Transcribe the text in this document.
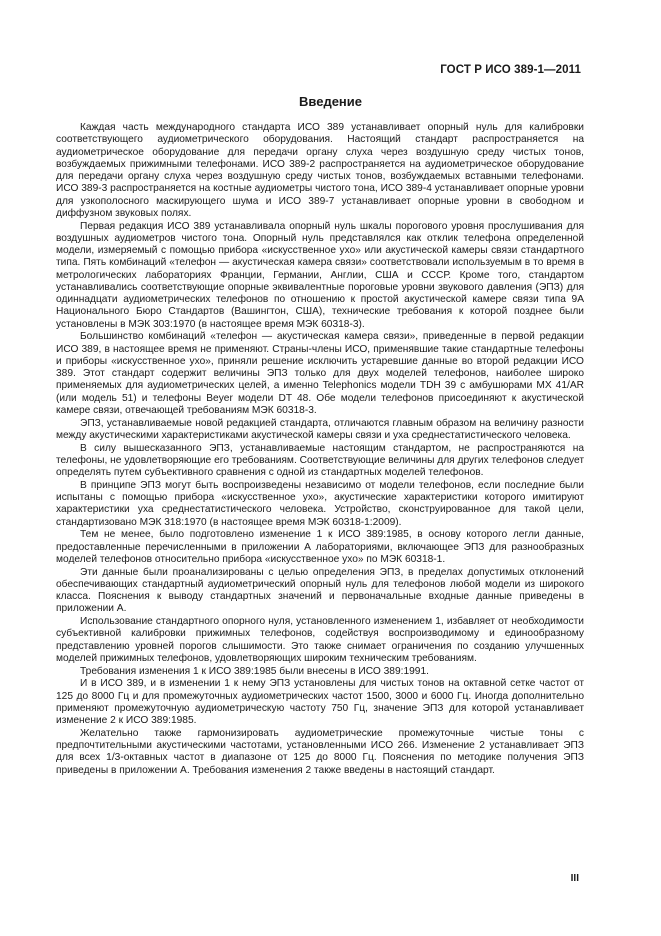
ГОСТ Р ИСО 389-1—2011
Введение

Каждая часть международного стандарта ИСО 389 устанавливает опорный нуль для калибровки соответствующего аудиометрического оборудования. Настоящий стандарт распространяется на аудиометрическое оборудование для передачи органу слуха через воздушную среду чистых тонов, возбуждаемых прижимными телефонами. ИСО 389-2 распространяется на аудиометрическое оборудование для передачи органу слуха через воздушную среду чистых тонов, возбуждаемых вставными телефонами. ИСО 389-3 распространяется на костные аудиометры чистого тона, ИСО 389-4 устанавливает опорные уровни для узкополосного маскирующего шума и ИСО 389-7 устанавливает опорные уровни в свободном и диффузном звуковых полях.

Первая редакция ИСО 389 устанавливала опорный нуль шкалы порогового уровня прослушивания для воздушных аудиометров чистого тона. Опорный нуль представлялся как отклик телефона определенной модели, измеряемый с помощью прибора «искусственное ухо» или акустической камеры связи стандартного типа. Пять комбинаций «телефон — акустическая камера связи» соответствовали используемым в то время в метрологических лабораториях Франции, Германии, Англии, США и СССР. Кроме того, стандартом устанавливались соответствующие опорные эквивалентные пороговые уровни звукового давления (ЭПЗ) для одиннадцати аудиометрических телефонов по отношению к простой акустической камере связи типа 9А Национального Бюро Стандартов (Вашингтон, США), технические требования к которой позднее были установлены в МЭК 303:1970 (в настоящее время МЭК 60318-3).

Большинство комбинаций «телефон — акустическая камера связи», приведенные в первой редакции ИСО 389, в настоящее время не применяют. Страны-члены ИСО, применявшие такие стандартные телефоны и приборы «искусственное ухо», приняли решение исключить устаревшие данные во второй редакции ИСО 389. Этот стандарт содержит величины ЭПЗ только для двух моделей телефонов, наиболее широко применяемых для аудиометрических целей, а именно Telephonics модели TDH 39 с амбушюрами MX 41/AR (или модель 51) и телефоны Beyer модели DT 48. Обе модели телефонов присоединяют к акустической камере связи, отвечающей требованиям МЭК 60318-3.

ЭПЗ, устанавливаемые новой редакцией стандарта, отличаются главным образом на величину разности между акустическими характеристиками акустической камеры связи и уха среднестатистического человека.

В силу вышесказанного ЭПЗ, устанавливаемые настоящим стандартом, не распространяются на телефоны, не удовлетворяющие его требованиям. Соответствующие величины для других телефонов следует определять путем субъективного сравнения с одной из стандартных моделей телефонов.

В принципе ЭПЗ могут быть воспроизведены независимо от модели телефонов, если последние были испытаны с помощью прибора «искусственное ухо», акустические характеристики которого имитируют характеристики уха среднестатистического человека. Устройство, сконструированное для такой цели, стандартизовано МЭК 318:1970 (в настоящее время МЭК 60318-1:2009).

Тем не менее, было подготовлено изменение 1 к ИСО 389:1985, в основу которого легли данные, предоставленные перечисленными в приложении А лабораториями, включающее ЭПЗ для разнообразных моделей телефонов относительно прибора «искусственное ухо» по МЭК 60318-1.

Эти данные были проанализированы с целью определения ЭПЗ, в пределах допустимых отклонений обеспечивающих стандартный аудиометрический опорный нуль для телефонов любой модели из широкого класса. Пояснения к выводу стандартных значений и первоначальные входные данные приведены в приложении А.

Использование стандартного опорного нуля, установленного изменением 1, избавляет от необходимости субъективной калибровки прижимных телефонов, содействуя воспроизводимому и единообразному представлению уровней порогов слышимости. Это также снимает ограничения по созданию улучшенных моделей прижимных телефонов, удовлетворяющих широким техническим требованиям.

Требования изменения 1 к ИСО 389:1985 были внесены в ИСО 389:1991.

И в ИСО 389, и в изменении 1 к нему ЭПЗ установлены для чистых тонов на октавной сетке частот от 125 до 8000 Гц и для промежуточных аудиометрических частот 1500, 3000 и 6000 Гц. Иногда дополнительно применяют промежуточную аудиометрическую частоту 750 Гц, значение ЭПЗ для которой устанавливает изменение 2 к ИСО 389:1985.

Желательно также гармонизировать аудиометрические промежуточные чистые тоны с предпочтительными акустическими частотами, установленными ИСО 266. Изменение 2 устанавливает ЭПЗ для всех 1/3-октавных частот в диапазоне от 125 до 8000 Гц. Пояснения по методике получения ЭПЗ приведены в приложении А. Требования изменения 2 также введены в настоящий стандарт.

III
